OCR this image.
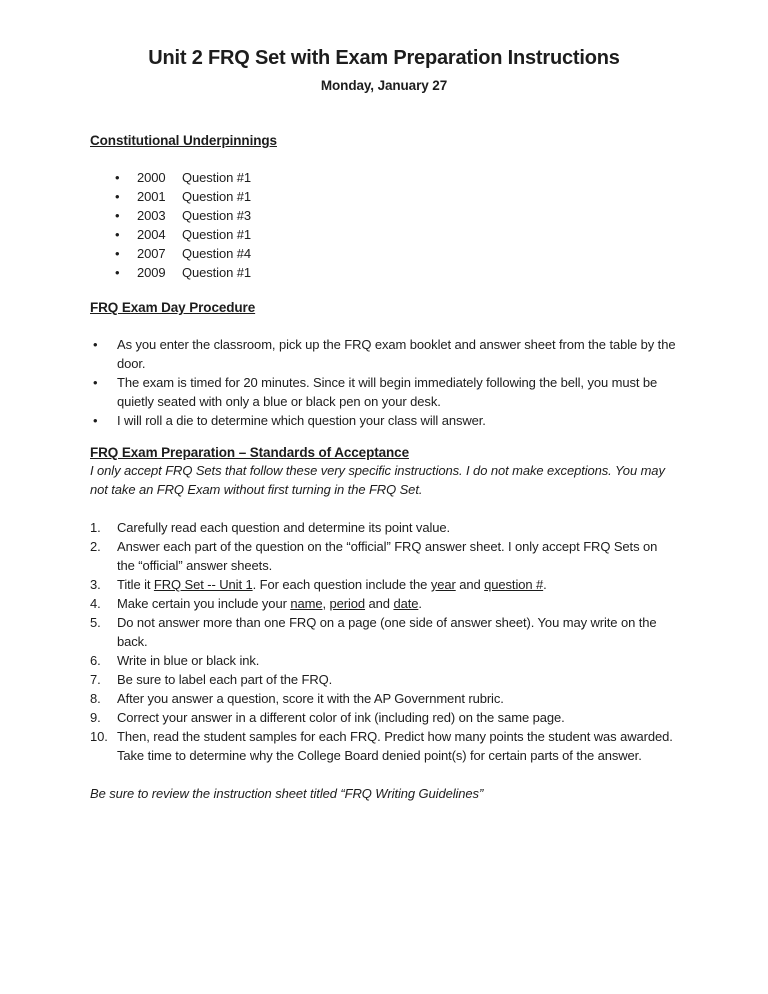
Unit 2 FRQ Set with Exam Preparation Instructions
Monday, January 27
Constitutional Underpinnings
•	2000	Question #1
•	2001	Question #1
•	2003	Question #3
•	2004	Question #1
•	2007	Question #4
•	2009	Question #1
FRQ Exam Day Procedure
• As you enter the classroom, pick up the FRQ exam booklet and answer sheet from the table by the door.
• The exam is timed for 20 minutes. Since it will begin immediately following the bell, you must be quietly seated with only a blue or black pen on your desk.
• I will roll a die to determine which question your class will answer.
FRQ Exam Preparation – Standards of Acceptance

I only accept FRQ Sets that follow these very specific instructions. I do not make exceptions. You may not take an FRQ Exam without first turning in the FRQ Set.

1. Carefully read each question and determine its point value.
2. Answer each part of the question on the “official” FRQ answer sheet. I only accept FRQ Sets on the “official” answer sheets.
3. Title it FRQ Set -- Unit 1. For each question include the year and question #.
4. Make certain you include your name, period and date.
5. Do not answer more than one FRQ on a page (one side of answer sheet). You may write on the back.
6. Write in blue or black ink.
7. Be sure to label each part of the FRQ.
8. After you answer a question, score it with the AP Government rubric.
9. Correct your answer in a different color of ink (including red) on the same page.
10. Then, read the student samples for each FRQ. Predict how many points the student was awarded. Take time to determine why the College Board denied point(s) for certain parts of the answer.

Be sure to review the instruction sheet titled “FRQ Writing Guidelines”
